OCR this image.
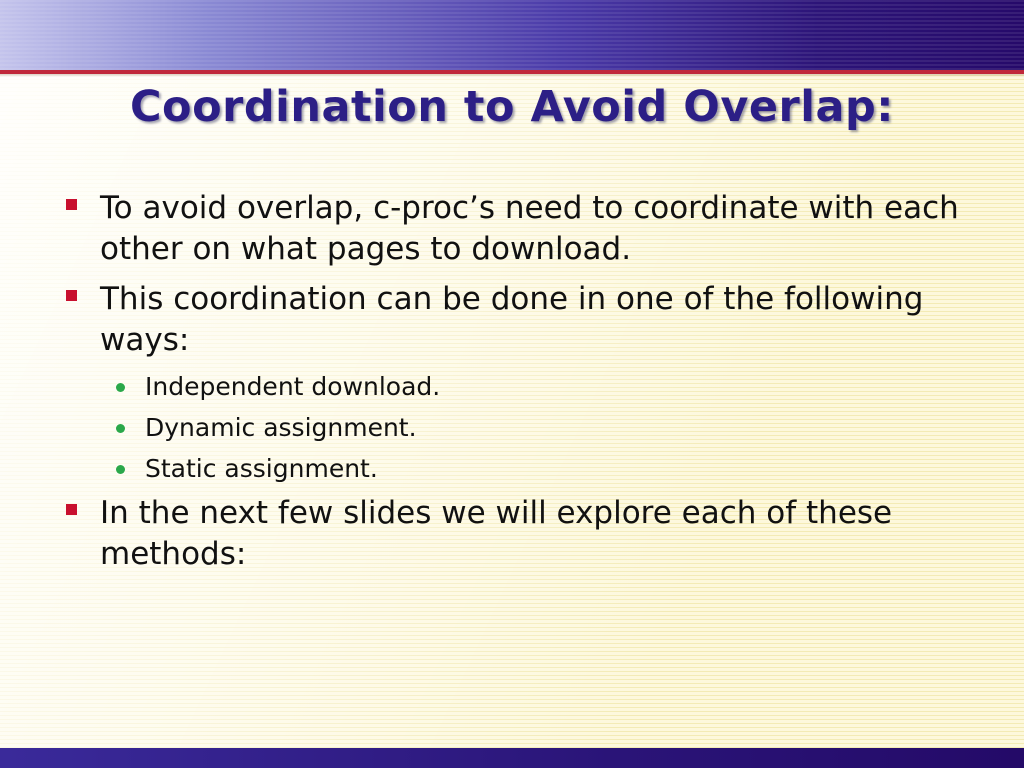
Coordination to Avoid Overlap:
To avoid overlap, c-proc’s need to coordinate with each other on what pages to download.
This coordination can be done in one of the following ways:
Independent download.
Dynamic assignment.
Static assignment.
In the next few slides we will explore each of these methods:
